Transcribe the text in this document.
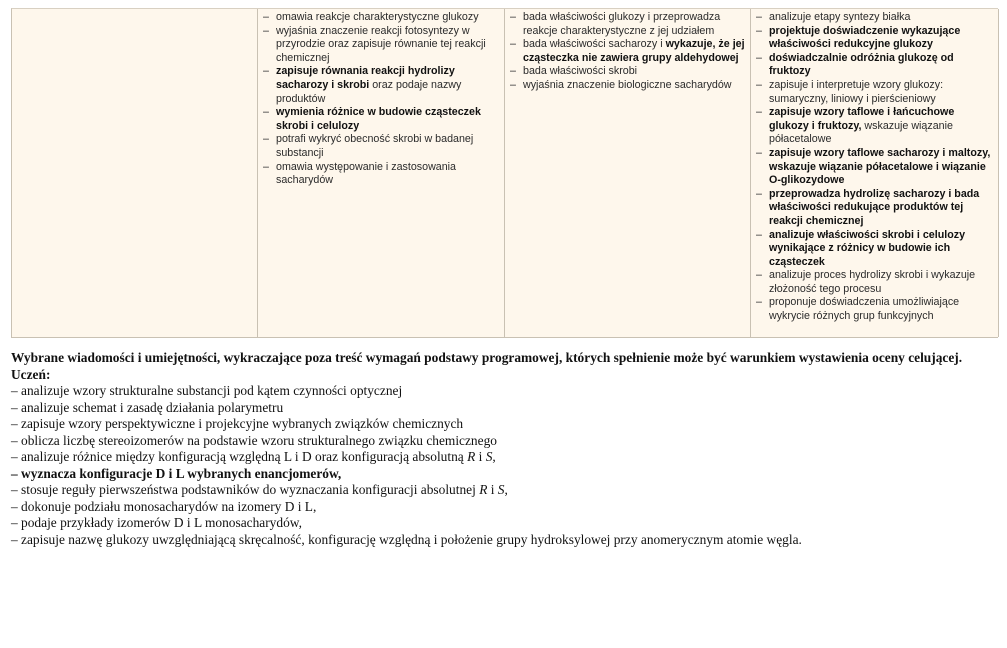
– omawia reakcje charakterystyczne glukozy
– wyjaśnia znaczenie reakcji fotosyntezy w przyrodzie oraz zapisuje równanie tej reakcji chemicznej
– zapisuje równania reakcji hydrolizy sacharozy i skrobi oraz podaje nazwy produktów
– wymienia różnice w budowie cząsteczek skrobi i celulozy
– potrafi wykryć obecność skrobi w badanej substancji
– omawia występowanie i zastosowania sacharydów
– bada właściwości glukozy i przeprowadza reakcje charakterystyczne z jej udziałem
– bada właściwości sacharozy i wykazuje, że jej cząsteczka nie zawiera grupy aldehydowej
– bada właściwości skrobi
– wyjaśnia znaczenie biologiczne sacharydów
– analizuje etapy syntezy białka
– projektuje doświadczenie wykazujące właściwości redukcyjne glukozy
– doświadczalnie odróżnia glukozę od fruktozy
– zapisuje i interpretuje wzory glukozy: sumaryczny, liniowy i pierścieniowy
– zapisuje wzory taflowe i łańcuchowe glukozy i fruktozy, wskazuje wiązanie półacetalowe
– zapisuje wzory taflowe sacharozy i maltozy, wskazuje wiązanie półacetalowe i wiązanie O-glikozydowe
– przeprowadza hydrolizę sacharozy i bada właściwości redukujące produktów tej reakcji chemicznej
– analizuje właściwości skrobi i celulozy wynikające z różnicy w budowie ich cząsteczek
– analizuje proces hydrolizy skrobi i wykazuje złożoność tego procesu
– proponuje doświadczenia umożliwiające wykrycie różnych grup funkcyjnych

Wybrane wiadomości i umiejętności, wykraczające poza treść wymagań podstawy programowej, których spełnienie może być warunkiem wystawienia oceny celującej. Uczeń:

– analizuje wzory strukturalne substancji pod kątem czynności optycznej
– analizuje schemat i zasadę działania polarymetru
– zapisuje wzory perspektywiczne i projekcyjne wybranych związków chemicznych
– oblicza liczbę stereoizomerów na podstawie wzoru strukturalnego związku chemicznego
– analizuje różnice między konfiguracją względną L i D oraz konfiguracją absolutną R i S,
– wyznacza konfiguracje D i L wybranych enancjomerów,
– stosuje reguły pierwszeństwa podstawników do wyznaczania konfiguracji absolutnej R i S,
– dokonuje podziału monosacharydów na izomery D i L,
– podaje przykłady izomerów D i L monosacharydów,
– zapisuje nazwę glukozy uwzględniającą skręcalność, konfigurację względną i położenie grupy hydroksylowej przy anomerycznym atomie węgla.
